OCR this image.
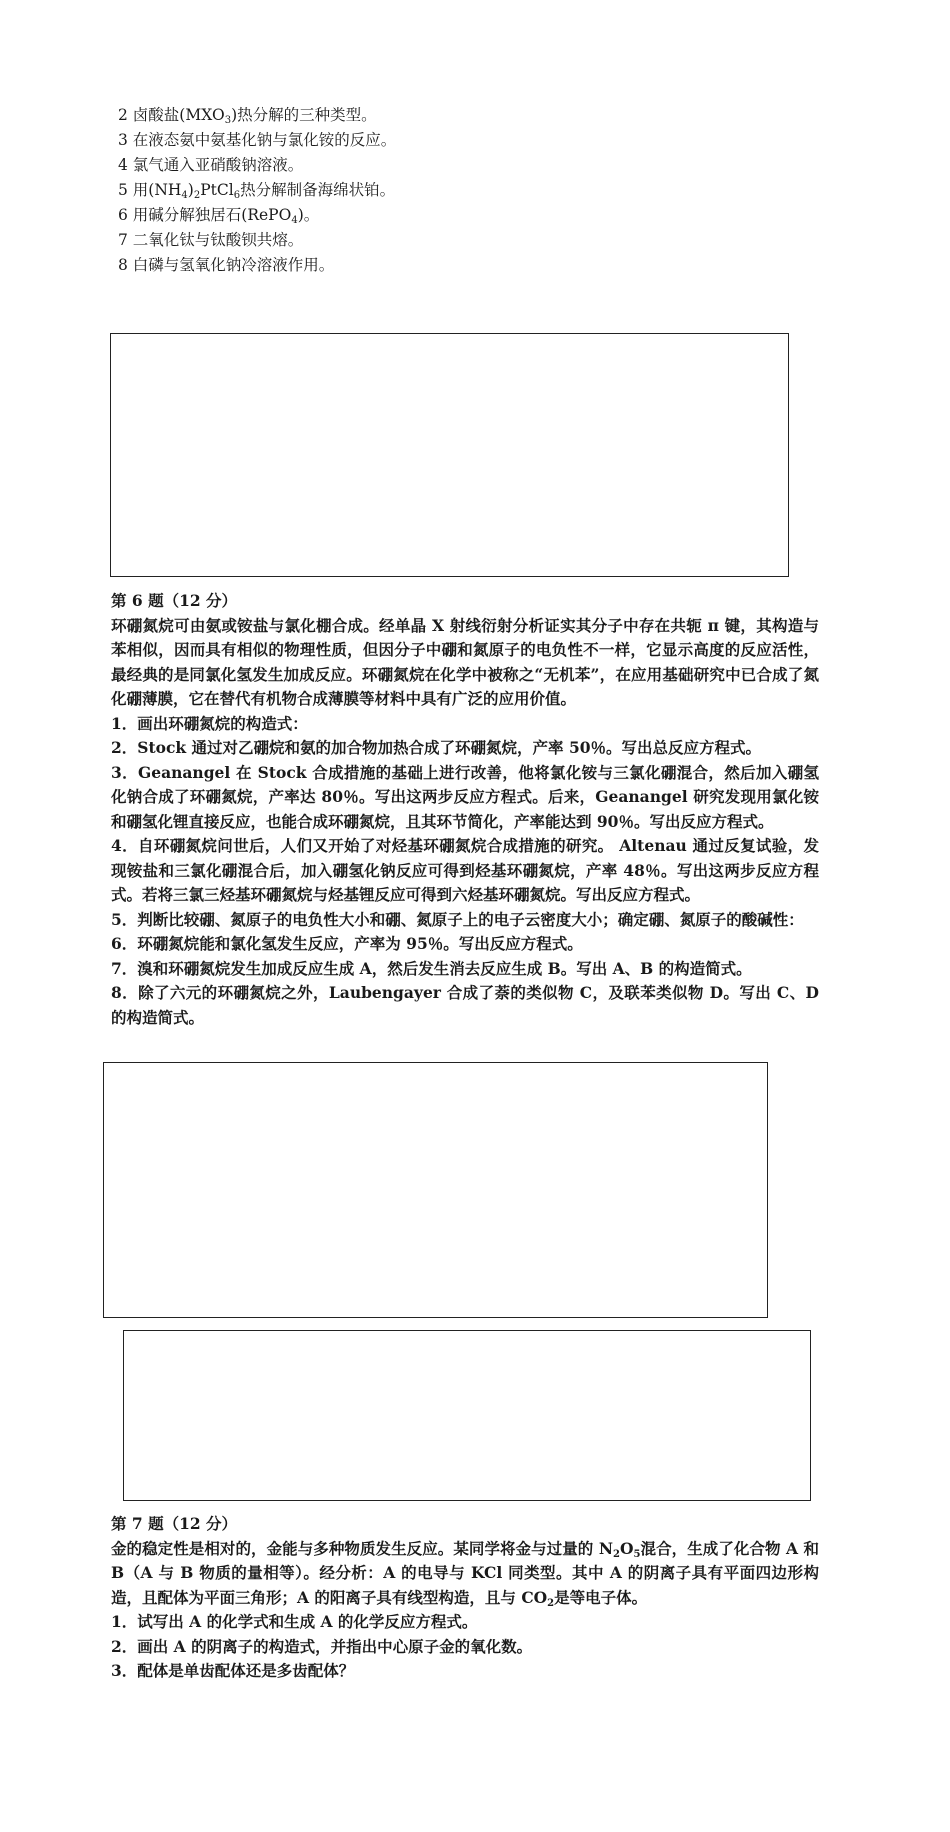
2 卤酸盐$(MXO_3)$热分解的三种类型。

3 在液态氨中氨基化钠与氯化铵的反应。

4 氯气通入亚硝酸钠溶液。

5 用$(NH_4)_2PtCl_6$热分解制备海绵状铂。

6 用碱分解独居石(RePO$_4$)。

7 二氧化钛与钛酸钡共熔。

8 白磷与氢氧化钠冷溶液作用。

第 6 题（12 分）

环硼氮烷可由氨或铵盐与氯化棚合成。经单晶 X 射线衍射分析证实其分子中存在共轭 π 键，其构造与苯相似，因而具有相似的物理性质，但因分子中硼和氮原子的电负性不一样，它显示高度的反应活性，最经典的是同氯化氢发生加成反应。环硼氮烷在化学中被称之“无机苯”，在应用基础研究中已合成了氮化硼薄膜，它在替代有机物合成薄膜等材料中具有广泛的应用价值。

1．画出环硼氮烷的构造式：

2．Stock 通过对乙硼烷和氨的加合物加热合成了环硼氮烷，产率 50％。写出总反应方程式。

3．Geanangel 在 Stock 合成措施的基础上进行改善，他将氯化铵与三氯化硼混合，然后加入硼氢化钠合成了环硼氮烷，产率达 80％。写出这两步反应方程式。后来，Geanangel 研究发现用氯化铵和硼氢化锂直接反应，也能合成环硼氮烷，且其环节简化，产率能达到 90％。写出反应方程式。

4．自环硼氮烷问世后，人们又开始了对烃基环硼氮烷合成措施的研究。 Altenau 通过反复试验，发现铵盐和三氯化硼混合后，加入硼氢化钠反应可得到烃基环硼氮烷，产率 48％。写出这两步反应方程式。若将三氯三烃基环硼氮烷与烃基锂反应可得到六烃基环硼氮烷。写出反应方程式。

5．判断比较硼、氮原子的电负性大小和硼、氮原子上的电子云密度大小；确定硼、氮原子的酸碱性：

6．环硼氮烷能和氯化氢发生反应，产率为 95％。写出反应方程式。

7．溴和环硼氮烷发生加成反应生成 A，然后发生消去反应生成 B。写出 A、B 的构造简式。

8．除了六元的环硼氮烷之外，Laubengayer 合成了萘的类似物 C，及联苯类似物 D。写出 C、D 的构造简式。

第 7 题（12 分）

金的稳定性是相对的，金能与多种物质发生反应。某同学将金与过量的 $N_2O_5$混合，生成了化合物 A 和 B（A 与 B 物质的量相等）。经分析：A 的电导与 KCl 同类型。其中 A 的阴离子具有平面四边形构造，且配体为平面三角形；A 的阳离子具有线型构造，且与 $CO_2$是等电子体。

1．试写出 A 的化学式和生成 A 的化学反应方程式。

2．画出 A 的阴离子的构造式，并指出中心原子金的氧化数。

3．配体是单齿配体还是多齿配体？
